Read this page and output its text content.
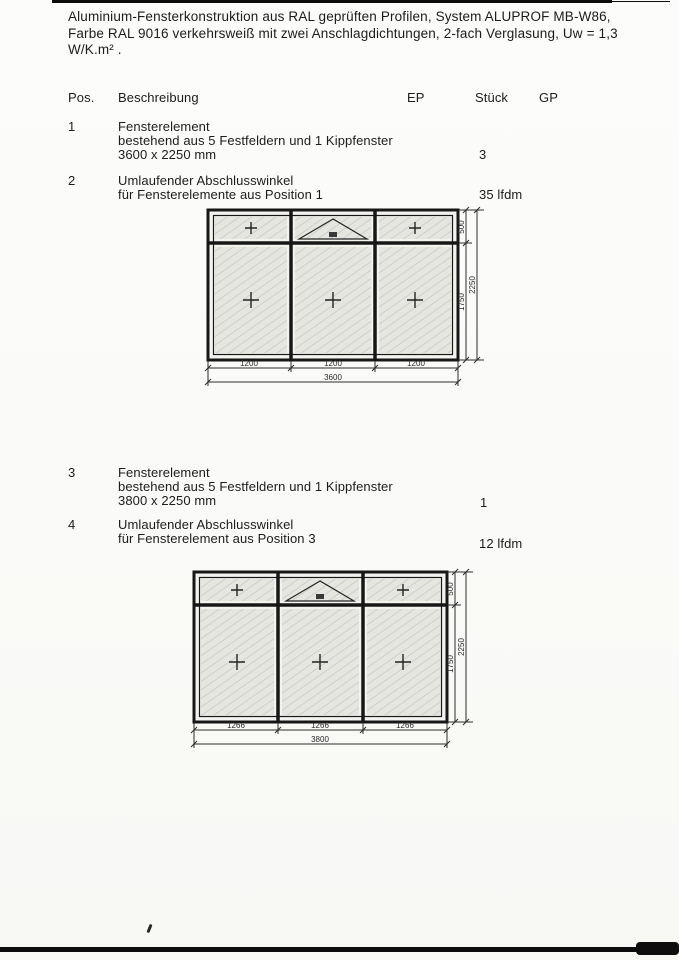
Aluminium-Fensterkonstruktion aus RAL geprüften Profilen, System ALUPROF MB-W86,
Farbe RAL 9016 verkehrsweiß mit zwei Anschlagdichtungen, 2-fach Verglasung, Uw = 1,3
W/K.m² .
Pos. Beschreibung	EP	Stück GP
1	Fensterelement
bestehend aus 5 Festfeldern und 1 Kippfenster
3600 x 2250 mm	3
2	Umlaufender Abschlusswinkel
für Fensterelemente aus Position 1	35 lfdm
1200	1200	1200
3600
500
1750
2250
3	Fensterelement
bestehend aus 5 Festfeldern und 1 Kippfenster
3800 x 2250 mm	1
4	Umlaufender Abschlusswinkel
für Fensterelement aus Position 3	12 lfdm
1266	1266	1266
3800
500
1750
2250
